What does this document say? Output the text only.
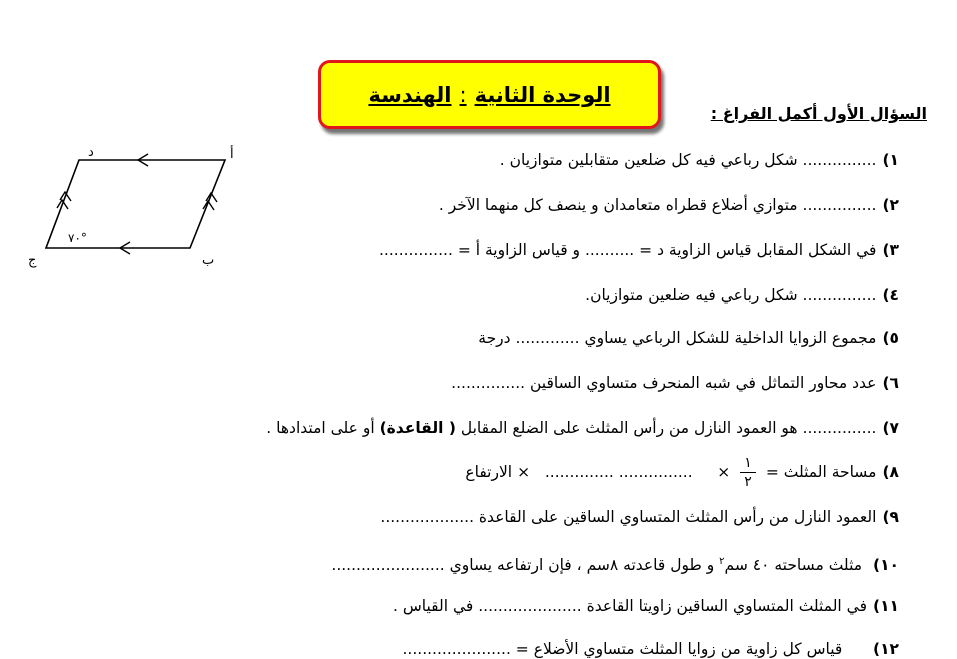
الوحدة الثانية:الهندسة
السؤال الأول أكمل الفراغ :
١)............... شكل رباعي فيه كل ضلعين متقابلين متوازيان .
٢)............... متوازي أضلاع قطراه متعامدان و ينصف كل منهما الآخر .
٣)في الشكل المقابل قياس الزاوية د = .......... و قياس الزاوية أ = ...............
٤)............... شكل رباعي فيه ضلعين متوازيان.
٥)مجموع الزوايا الداخلية للشكل الرباعي يساوي ............. درجة
٦)عدد محاور التماثل في شبه المنحرف متساوي الساقين ...............
٧)............... هو العمود النازل من رأس المثلث على الضلع المقابل ( القاعدة) أو على امتدادها .
٨)مساحة المثلث =
$\frac{١}{٢}$
×     ............... ..............   × الارتفاع
٩)العمود النازل من رأس المثلث المتساوي الساقين على القاعدة ...................
١٠) مثلث مساحته ٤٠ سم$^٢$ و طول قاعدته ٨سم ، فإن ارتفاعه يساوي .......................
١١)في المثلث المتساوي الساقين زاويتا القاعدة ..................... في القياس .
١٢)     قياس كل زاوية من زوايا المثلث متساوي الأضلاع = ......................
د	أ
ب
ج
٧٠°
